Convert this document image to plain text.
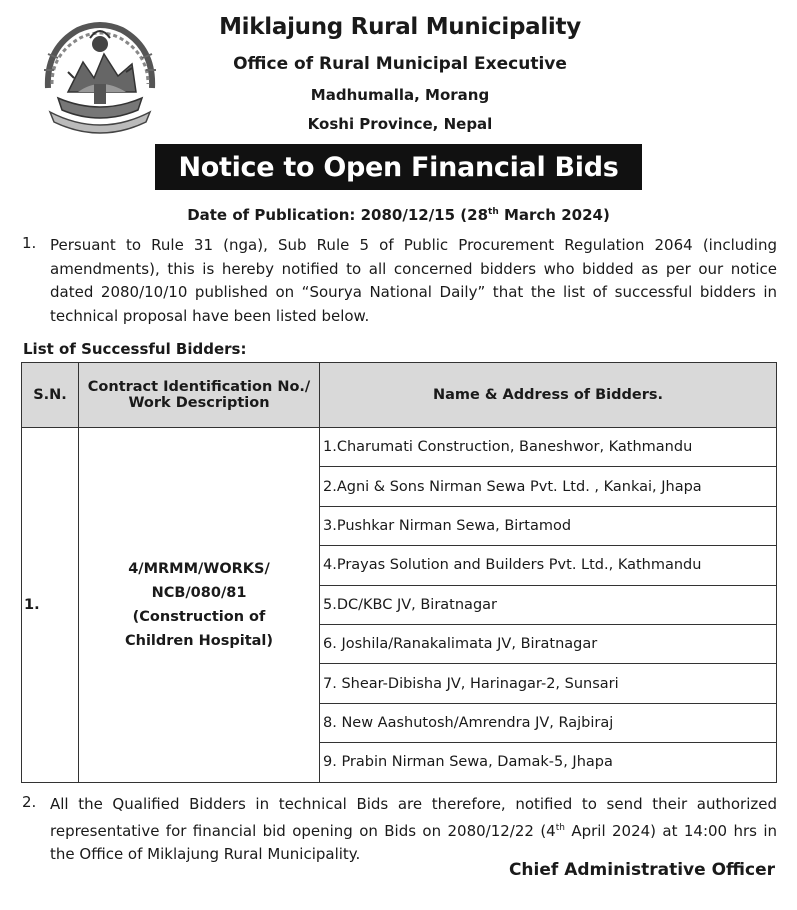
Miklajung Rural Municipality
Office of Rural Municipal Executive
Madhumalla, Morang
Koshi Province, Nepal
Notice to Open Financial Bids
Date of Publication: 2080/12/15 (28th March 2024)
1. Persuant to Rule 31 (nga), Sub Rule 5 of Public Procurement Regulation 2064 (including
amendments), this is hereby notified to all concerned bidders who bidded as per our notice
dated 2080/10/10 published on “Sourya National Daily” that the list of successful bidders in
technical proposal have been listed below.
List of Successful Bidders:
S.N.	Contract Identification No./
Work Description	Name & Address of Bidders.
1.	4/MRMM/WORKS/
NCB/080/81
(Construction of
Children Hospital)	1.Charumati Construction, Baneshwor, Kathmandu
		2.Agni & Sons Nirman Sewa Pvt. Ltd. , Kankai, Jhapa
		3.Pushkar Nirman Sewa, Birtamod
		4.Prayas Solution and Builders Pvt. Ltd., Kathmandu
		5.DC/KBC JV, Biratnagar
		6. Joshila/Ranakalimata JV, Biratnagar
		7. Shear-Dibisha JV, Harinagar-2, Sunsari
		8. New Aashutosh/Amrendra JV, Rajbiraj
		9. Prabin Nirman Sewa, Damak-5, Jhapa
2. All the Qualified Bidders in technical Bids are therefore, notified to send their authorized
representative for financial bid opening on Bids on 2080/12/22 (4th April 2024) at 14:00 hrs in
the Office of Miklajung Rural Municipality.
Chief Administrative Officer
